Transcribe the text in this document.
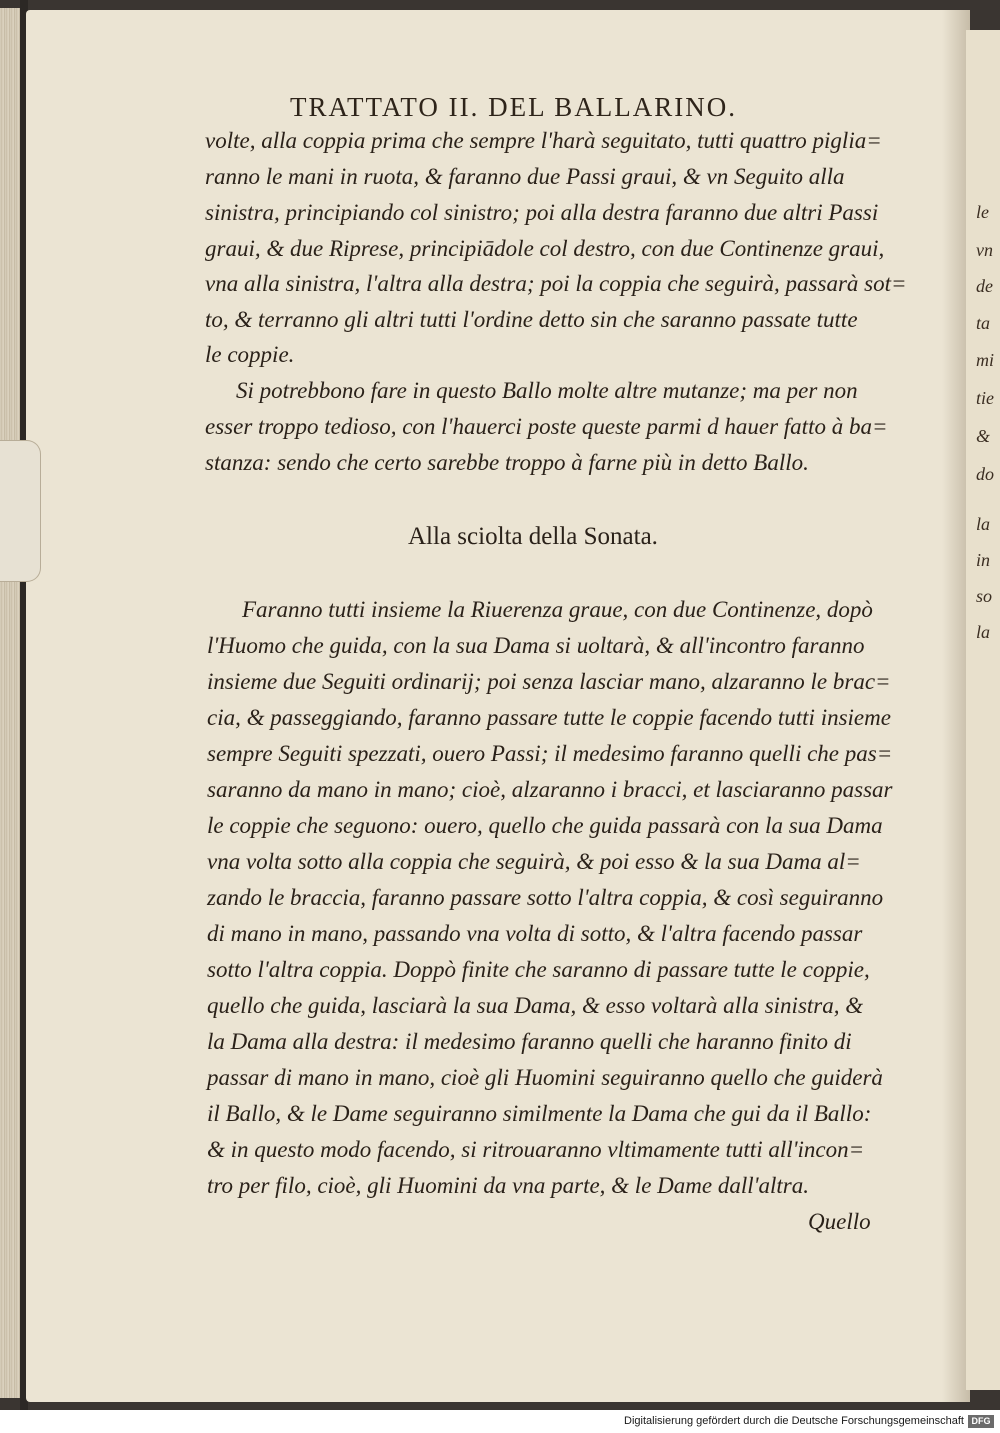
le
vn
de
ta
mi
tie
&
do
la
in
so
la
TRATTATO II. DEL BALLARINO.
volte, alla coppia prima che sempre l'harà seguitato, tutti quattro piglia=
ranno le mani in ruota, & faranno due Passi graui, & vn Seguito alla
sinistra, principiando col sinistro; poi alla destra faranno due altri Passi
graui, & due Riprese, principiādole col destro, con due Continenze graui,
vna alla sinistra, l'altra alla destra; poi la coppia che seguirà, passarà sot=
to, & terranno gli altri tutti l'ordine detto sin che saranno passate tutte
le coppie.
Si potrebbono fare in questo Ballo molte altre mutanze; ma per non
esser troppo tedioso, con l'hauerci poste queste parmi d hauer fatto à ba=
stanza: sendo che certo sarebbe troppo à farne più in detto Ballo.
Alla sciolta della Sonata.
Faranno tutti insieme la Riuerenza graue, con due Continenze, dopò
l'Huomo che guida, con la sua Dama si uoltarà, & all'incontro faranno
insieme due Seguiti ordinarij; poi senza lasciar mano, alzaranno le brac=
cia, & passeggiando, faranno passare tutte le coppie facendo tutti insieme
sempre Seguiti spezzati, ouero Passi; il medesimo faranno quelli che pas=
saranno da mano in mano; cioè, alzaranno i bracci, et lasciaranno passar
le coppie che seguono: ouero, quello che guida passarà con la sua Dama
vna volta sotto alla coppia che seguirà, & poi esso & la sua Dama al=
zando le braccia, faranno passare sotto l'altra coppia, & così seguiranno
di mano in mano, passando vna volta di sotto, & l'altra facendo passar
sotto l'altra coppia. Doppò finite che saranno di passare tutte le coppie,
quello che guida, lasciarà la sua Dama, & esso voltarà alla sinistra, &
la Dama alla destra: il medesimo faranno quelli che haranno finito di
passar di mano in mano, cioè gli Huomini seguiranno quello che guiderà
il Ballo, & le Dame seguiranno similmente la Dama che gui da il Ballo:
& in questo modo facendo, si ritrouaranno vltimamente tutti all'incon=
tro per filo, cioè, gli Huomini da vna parte, & le Dame dall'altra.
Quello
Digitalisierung gefördert durch die Deutsche Forschungsgemeinschaft DFG
